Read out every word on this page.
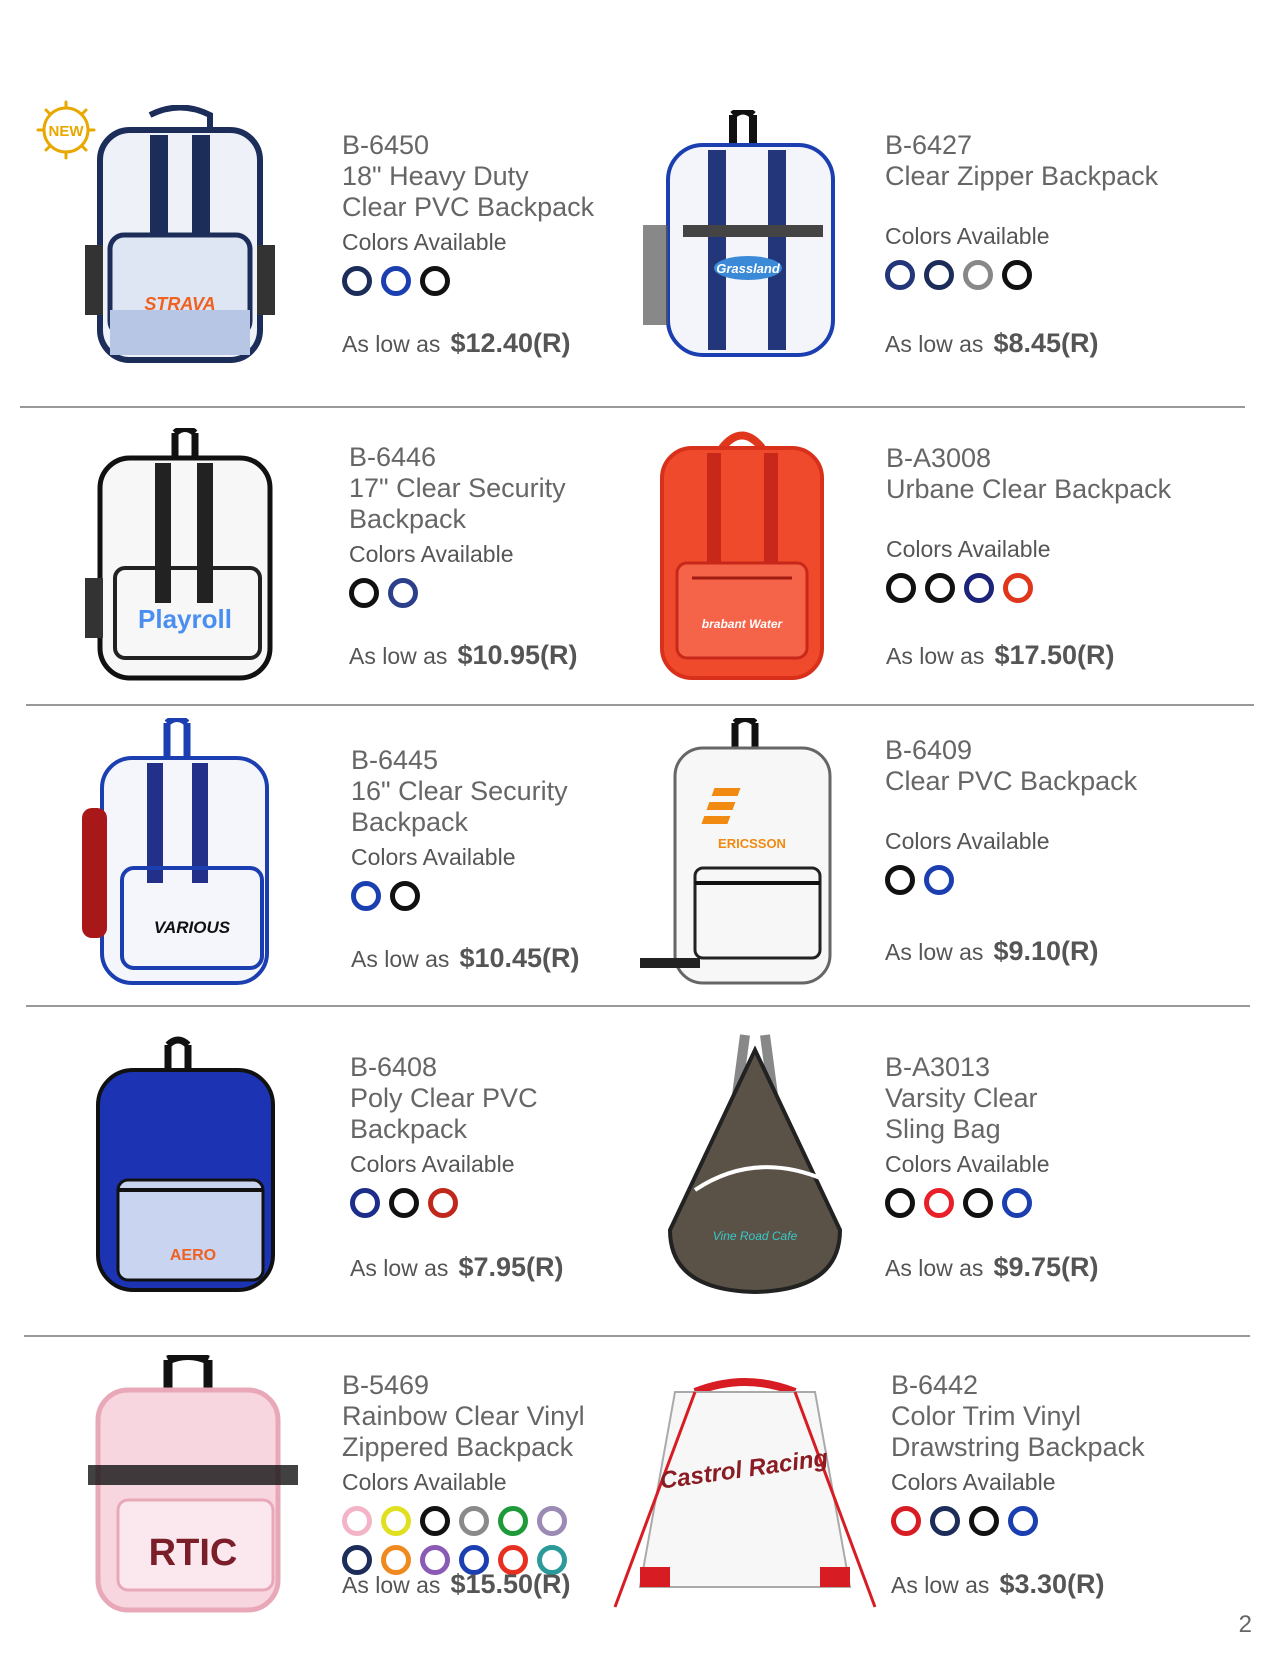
NEW
STRAVA
B-6450
18" Heavy Duty
Clear PVC Backpack
Colors Available
As low as $12.40(R)
Grassland
B-6427
Clear Zipper Backpack
Colors Available
As low as $8.45(R)
Playroll
B-6446
17" Clear Security
Backpack
Colors Available
As low as $10.95(R)
brabant Water
B-A3008
Urbane Clear Backpack
Colors Available
As low as $17.50(R)
VARIOUS
B-6445
16" Clear Security
Backpack
Colors Available
As low as $10.45(R)
ERICSSON
B-6409
Clear PVC Backpack
Colors Available
As low as $9.10(R)
AERO
B-6408
Poly Clear PVC
Backpack
Colors Available
As low as $7.95(R)
Vine Road Cafe
B-A3013
Varsity Clear
Sling Bag
Colors Available
As low as $9.75(R)
RTIC
B-5469
Rainbow Clear Vinyl
Zippered Backpack
Colors Available
As low as $15.50(R)
Castrol Racing
B-6442
Color Trim Vinyl
Drawstring Backpack
Colors Available
As low as $3.30(R)
2
